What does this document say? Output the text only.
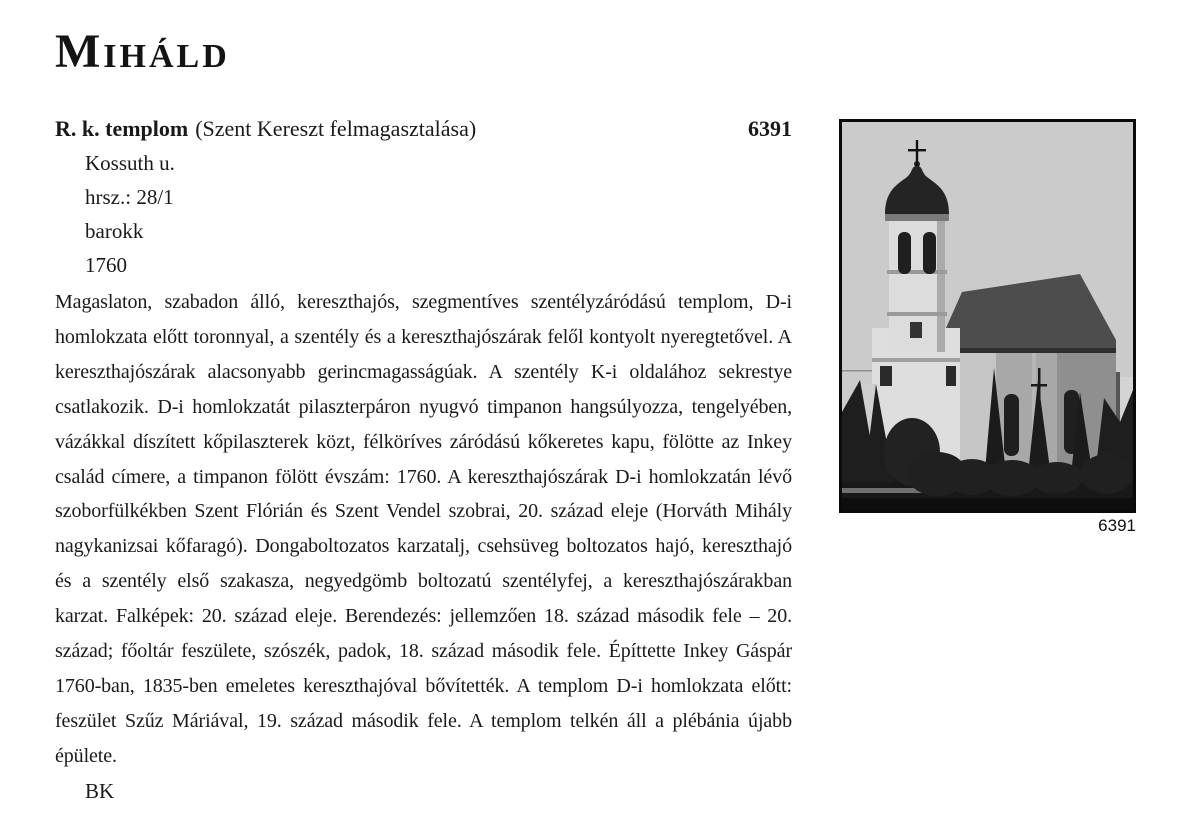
Miháld
R. k. templom (Szent Kereszt felmagasztalása)	6391
Kossuth u.
hrsz.: 28/1
barokk
1760

Magaslaton, szabadon álló, kereszthajós, szegmentíves szentélyzáródású templom, D-i homlokzata előtt toronnyal, a szentély és a kereszthajószárak felől kontyolt nyeregtetővel. A kereszthajószárak alacsonyabb gerincmagasságúak. A szentély K-i oldalához sekrestye csatlakozik. D-i homlokzatát pilaszterpáron nyugvó timpanon hangsúlyozza, tengelyében, vázákkal díszített kőpilaszterek közt, félköríves záródású kőkeretes kapu, fölötte az Inkey család címere, a timpanon fölött évszám: 1760. A kereszthajószárak D-i homlokzatán lévő szoborfülkékben Szent Flórián és Szent Vendel szobrai, 20. század eleje (Horváth Mihály nagykanizsai kőfaragó). Dongaboltozatos karzatalj, csehsüveg boltozatos hajó, kereszthajó és a szentély első szakasza, negyedgömb boltozatú szentélyfej, a kereszthajószárakban karzat. Falképek: 20. század eleje. Berendezés: jellemzően 18. század második fele – 20. század; főoltár feszülete, szószék, padok, 18. század második fele. Építtette Inkey Gáspár 1760-ban, 1835-ben emeletes kereszthajóval bővítették. A templom D-i homlokzata előtt: feszület Szűz Máriával, 19. század második fele. A templom telkén áll a plébánia újabb épülete.

BK
6391
